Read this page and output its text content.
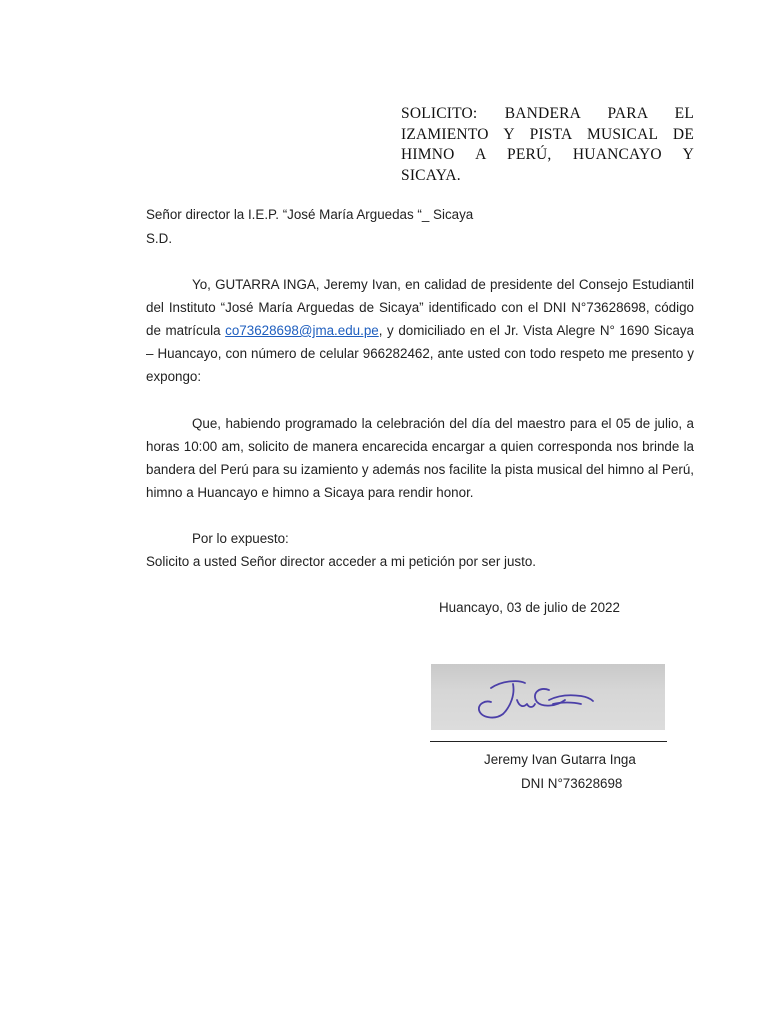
SOLICITO: BANDERA PARA EL IZAMIENTO Y PISTA MUSICAL DE HIMNO A PERÚ, HUANCAYO Y
SICAYA.
Señor director la I.E.P. “José María Arguedas “_ Sicaya
S.D.

Yo, GUTARRA INGA, Jeremy Ivan, en calidad de presidente del Consejo Estudiantil del Instituto “José María Arguedas de Sicaya” identificado con el DNI N°73628698, código de matrícula co73628698@jma.edu.pe, y domiciliado en el Jr. Vista Alegre N° 1690 Sicaya – Huancayo, con número de celular 966282462, ante usted con todo respeto me presento y expongo:

Que, habiendo programado la celebración del día del maestro para el 05 de julio, a horas 10:00 am, solicito de manera encarecida encargar a quien corresponda nos brinde la bandera del Perú para su izamiento y además nos facilite la pista musical del himno al Perú, himno a Huancayo e himno a Sicaya para rendir honor.

Por lo expuesto:
Solicito a usted Señor director acceder a mi petición por ser justo.
Huancayo, 03 de julio de 2022
Jeremy Ivan Gutarra Inga
DNI N°73628698
